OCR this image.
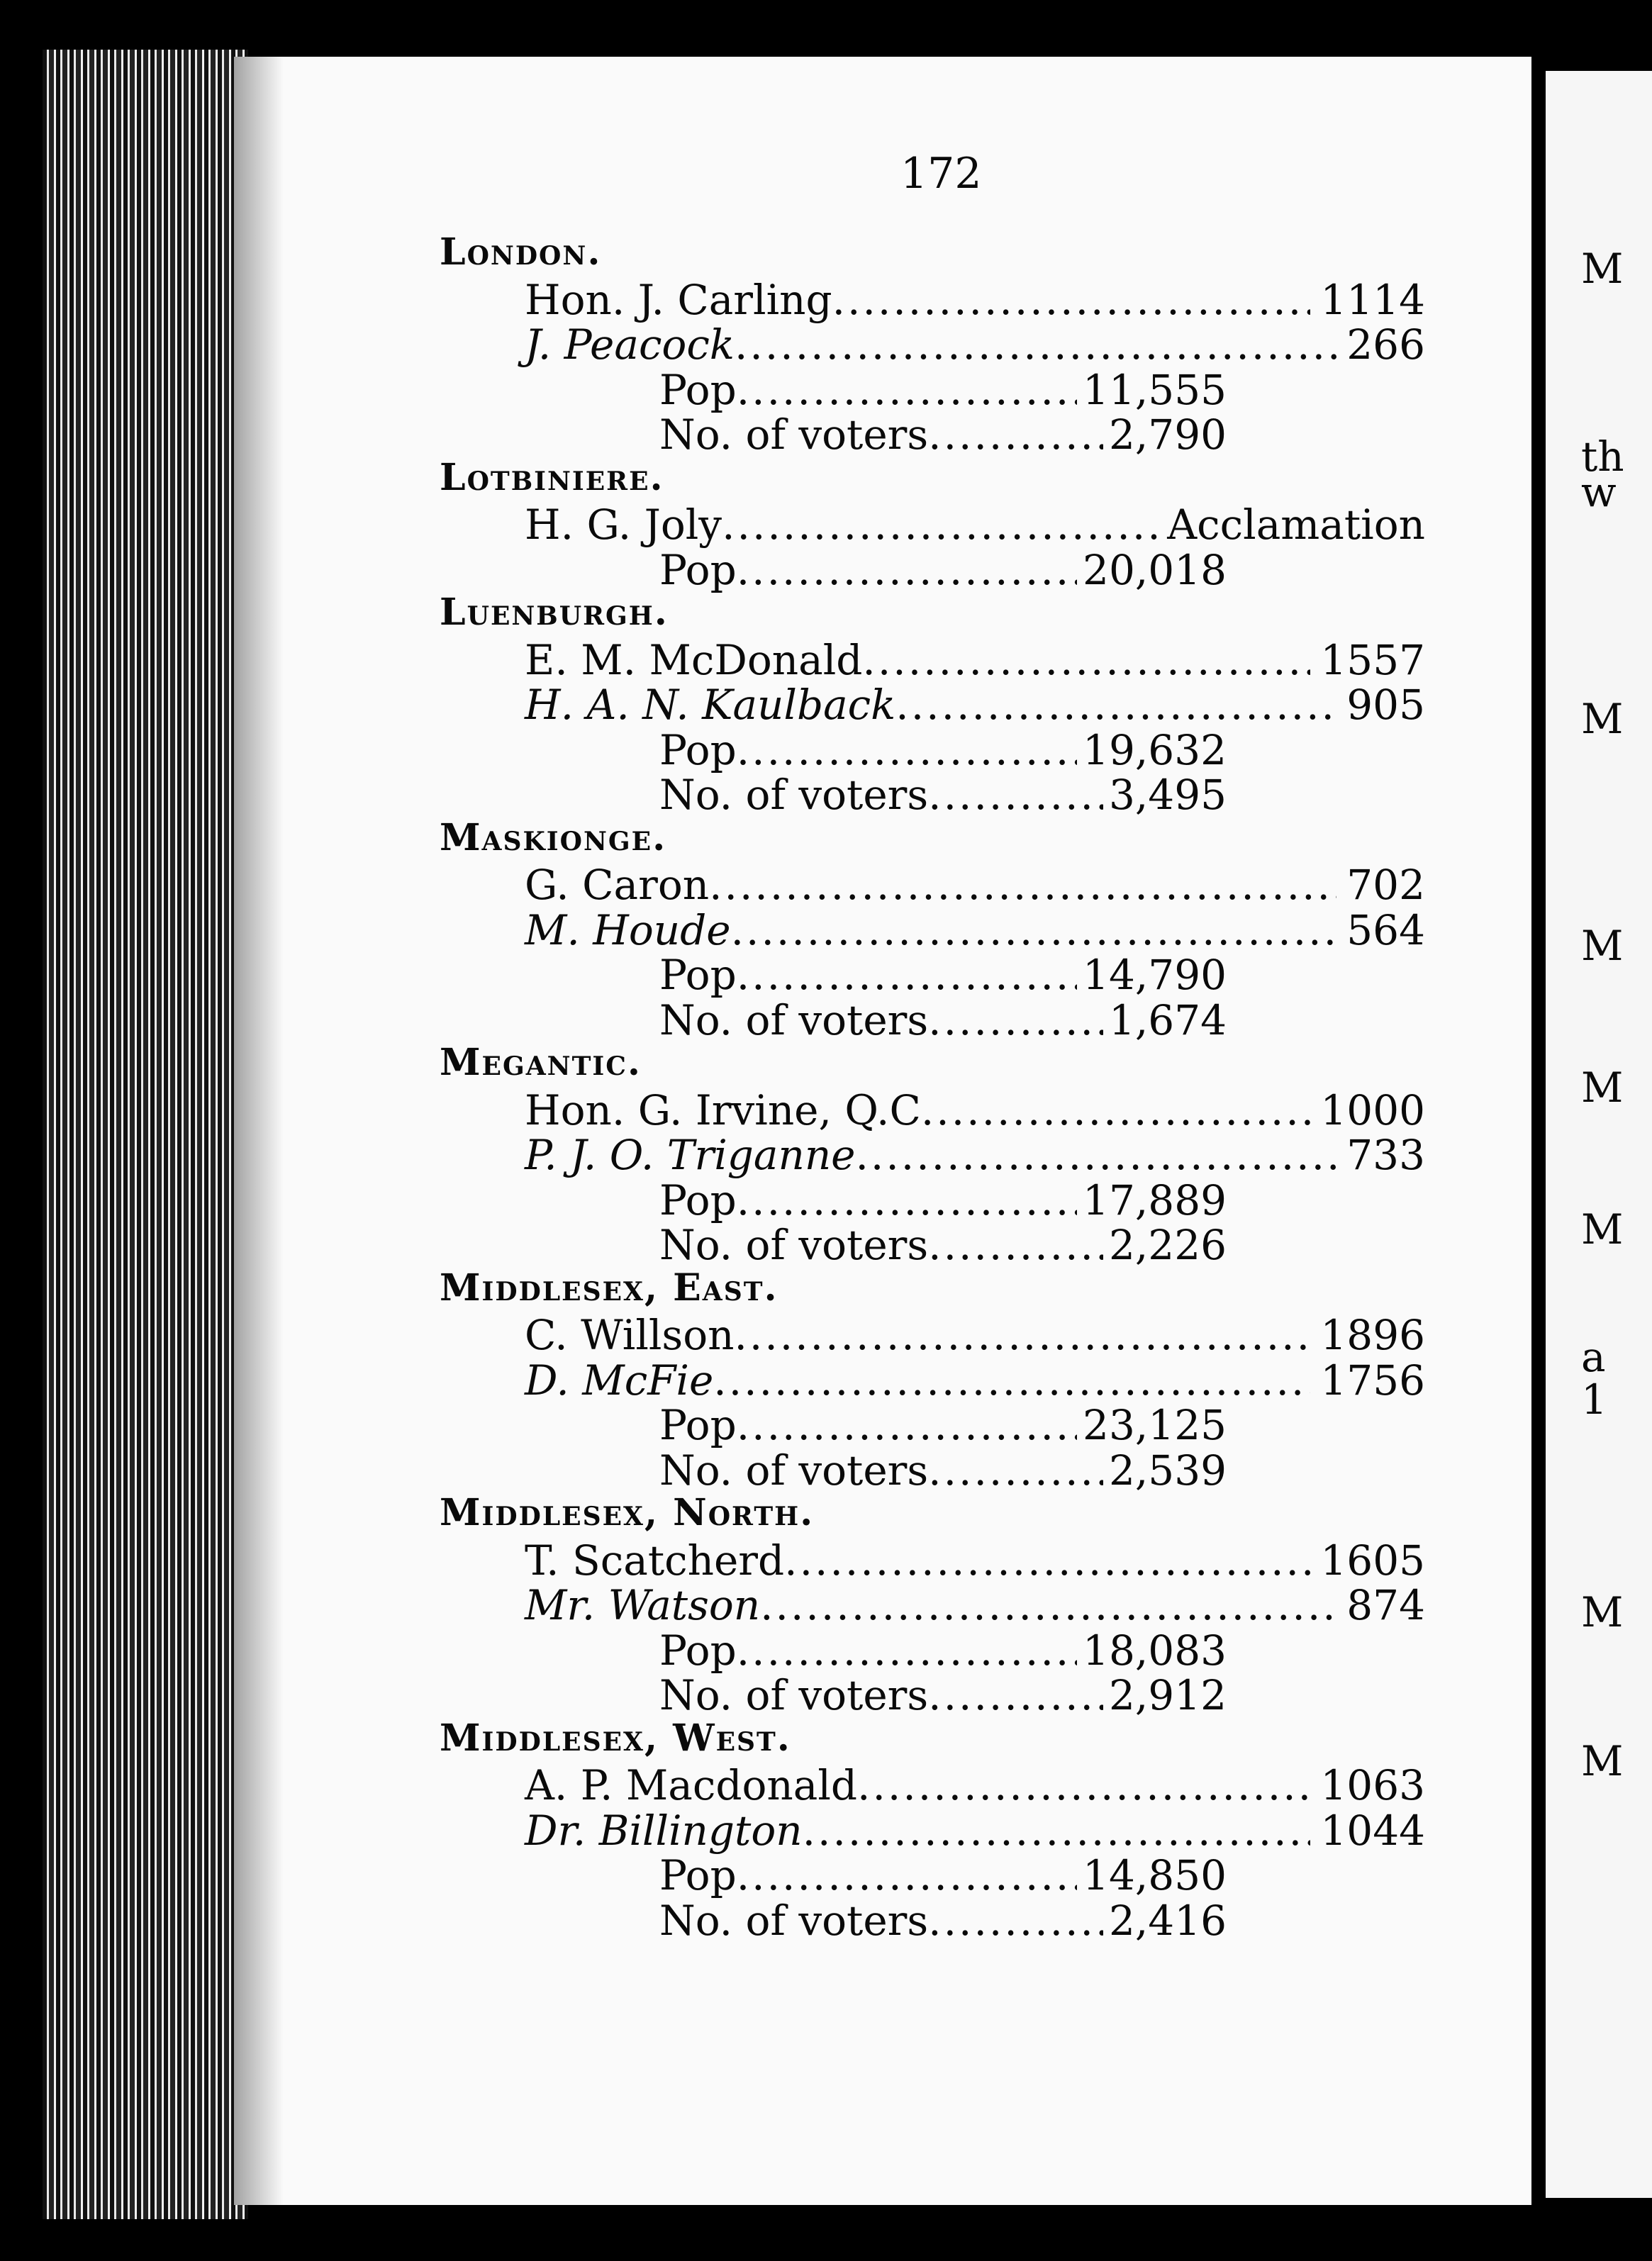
M
th
w
M
M
M
M
a
1
M
M
172
London.
Hon. J. Carling .....	1114
J. Peacock .....	266
Pop .....	11,555
No. of voters .....	2,790
Lotbiniere.
H. G. Joly .....	Acclamation
Pop .....	20,018
Luenburgh.
E. M. McDonald .....	1557
H. A. N. Kaulback .....	905
Pop .....	19,632
No. of voters .....	3,495
Maskionge.
G. Caron .....	702
M. Houde .....	564
Pop .....	14,790
No. of voters .....	1,674
Megantic.
Hon. G. Irvine, Q.C .....	1000
P. J. O. Triganne .....	733
Pop .....	17,889
No. of voters .....	2,226
Middlesex, East.
C. Willson .....	1896
D. McFie .....	1756
Pop .....	23,125
No. of voters .....	2,539
Middlesex, North.
T. Scatcherd .....	1605
Mr. Watson .....	874
Pop .....	18,083
No. of voters .....	2,912
Middlesex, West.
A. P. Macdonald .....	1063
Dr. Billington .....	1044
Pop .....	14,850
No. of voters .....	2,416
